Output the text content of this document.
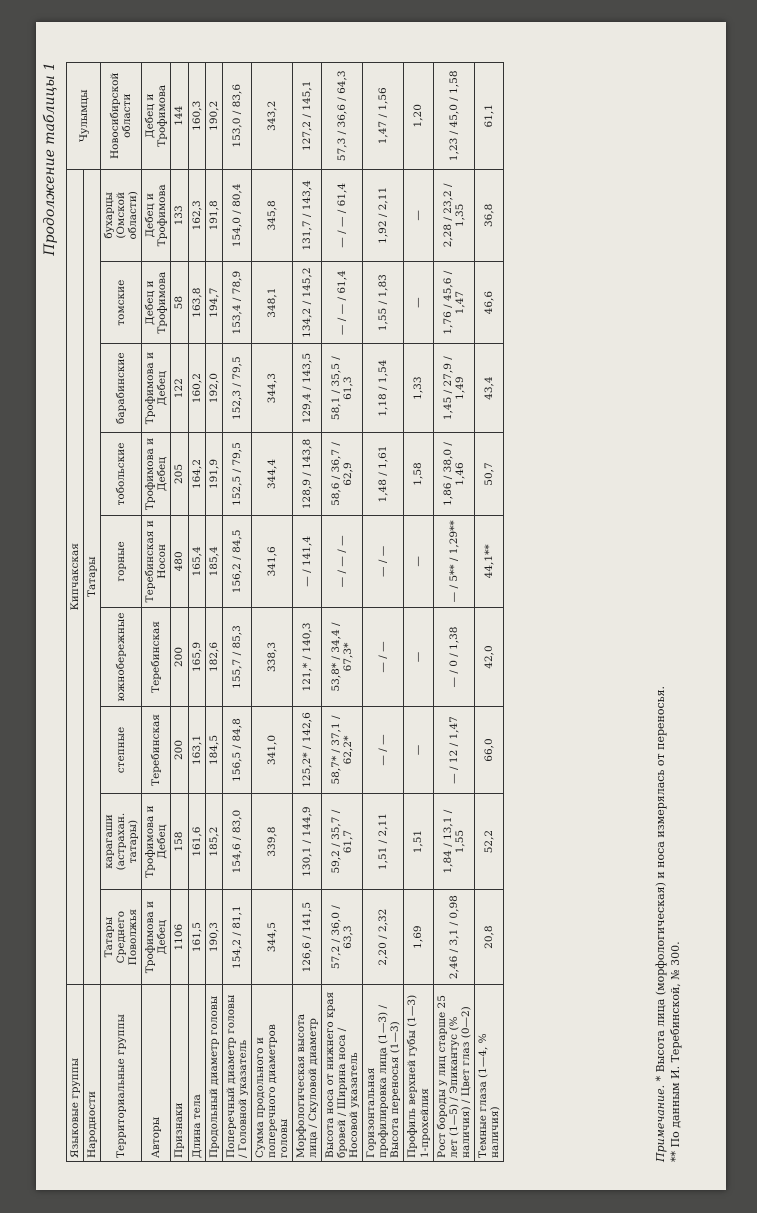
Продолжение таблицы 1
Языковые группы	Кипчакская									Чулымцы
Народности	Татары									
Территориальные группы	Татары Среднего Поволжья	карагаши (астрахан. татары)	степные	южнобережные	горные	тобольские	барабинские	томские	бухарцы (Омской области)	Новосибирской области
Авторы	Трофимова и Дебец	Трофимова и Дебец	Теребинская	Теребинская	Теребинская и Носон	Трофимова и Дебец	Трофимова и Дебец	Дебец и Трофимова	Дебец и Трофимова	Дебец и Трофимова
Признаки	1106	158	200	200	480	205	122	58	133	144
Длина тела	161,5	161,6	163,1	165,9	165,4	164,2	160,2	163,8	162,3	160,3
Продольный диаметр головы	190,3	185,2	184,5	182,6	185,4	191,9	192,0	194,7	191,8	190,2
Поперечный диаметр головы / Головной указатель	154,2 / 81,1	154,6 / 83,0	156,5 / 84,8	155,7 / 85,3	156,2 / 84,5	152,5 / 79,5	152,3 / 79,5	153,4 / 78,9	154,0 / 80,4	153,0 / 83,6
Сумма продольного и поперечного диаметров головы	344,5	339,8	341,0	338,3	341,6	344,4	344,3	348,1	345,8	343,2
Морфологическая высота лица / Скуловой диаметр	126,6 / 141,5	130,1 / 144,9	125,2* / 142,6	121,* / 140,3	— / 141,4	128,9 / 143,8	129,4 / 143,5	134,2 / 145,2	131,7 / 143,4	127,2 / 145,1
Высота носа от нижнего края бровей / Ширина носа / Носовой указатель	57,2 / 36,0 / 63,3	59,2 / 35,7 / 61,7	58,7* / 37,1 / 62,2*	53,8* / 34,4 / 67,3*	— / — / —	58,6 / 36,7 / 62,9	58,1 / 35,5 / 61,3	— / — / 61,4	— / — / 61,4	57,3 / 36,6 / 64,3
Горизонтальная профилировка лица (1—3) / Высота переносья (1—3)	2,20 / 2,32	1,51 / 2,11	— / —	— / —	— / —	1,48 / 1,61	1,18 / 1,54	1,55 / 1,83	1,92 / 2,11	1,47 / 1,56
Профиль верхней губы (1—3) 1-прохейлия	1,69	1,51	—	—	—	1,58	1,33	—	—	1,20
Рост бороды у лиц старше 25 лет (1—5) / Эпикантус (% наличия) / Цвет глаз (0—2)	2,46 / 3,1 / 0,98	1,84 / 13,1 / 1,55	— / 12 / 1,47	— / 0 / 1,38	— / 5** / 1,29**	1,86 / 38,0 / 1,46	1,45 / 27,9 / 1,49	1,76 / 45,6 / 1,47	2,28 / 23,2 / 1,35	1,23 / 45,0 / 1,58
Темные глаза (1—4, % наличия)	20,8	52,2	66,0	42,0	44,1**	50,7	43,4	46,6	36,8	61,1
Примечание. * Высота лица (морфологическая) и носа измерялась от переносья. ** По данным И. Теребинской, № 300.
